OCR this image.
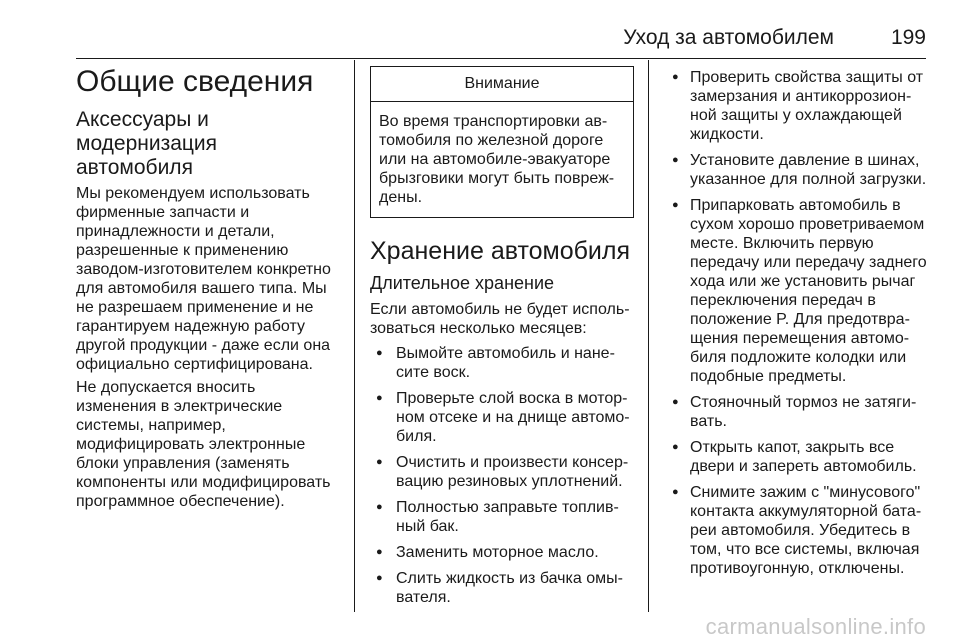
Уход за автомобилем	199
Общие сведения
Аксессуары и модернизация автомобиля

Мы рекомендуем использовать фирменные запчасти и принадлежности и детали, разрешенные к применению заводом-изготовителем конкретно для автомобиля вашего типа. Мы не разрешаем применение и не гарантируем надежную работу другой продукции - даже если она официально сертифицирована.

Не допускается вносить изменения в электрические системы, например, модифицировать электронные блоки управления (заменять компоненты или модифицировать программное обеспечение).

Внимание
Во время транспортировки автомобиля по железной дороге или на автомобиле-эвакуаторе брызговики могут быть повреждены.
Хранение автомобиля
Длительное хранение

Если автомобиль не будет использоваться несколько месяцев:

● Вымойте автомобиль и нанесите воск.
● Проверьте слой воска в моторном отсеке и на днище автомобиля.
● Очистить и произвести консервацию резиновых уплотнений.
● Полностью заправьте топливный бак.
● Заменить моторное масло.
● Слить жидкость из бачка омывателя.
● Проверить свойства защиты от замерзания и антикоррозионной защиты у охлаждающей жидкости.
● Установите давление в шинах, указанное для полной загрузки.
● Припарковать автомобиль в сухом хорошо проветриваемом месте. Включить первую передачу или передачу заднего хода или же установить рычаг переключения передач в положение P. Для предотвращения перемещения автомобиля подложите колодки или подобные предметы.
● Стояночный тормоз не затягивать.
● Открыть капот, закрыть все двери и запереть автомобиль.
● Снимите зажим с "минусового" контакта аккумуляторной батареи автомобиля. Убедитесь в том, что все системы, включая противоугонную, отключены.
carmanualsonline.info
